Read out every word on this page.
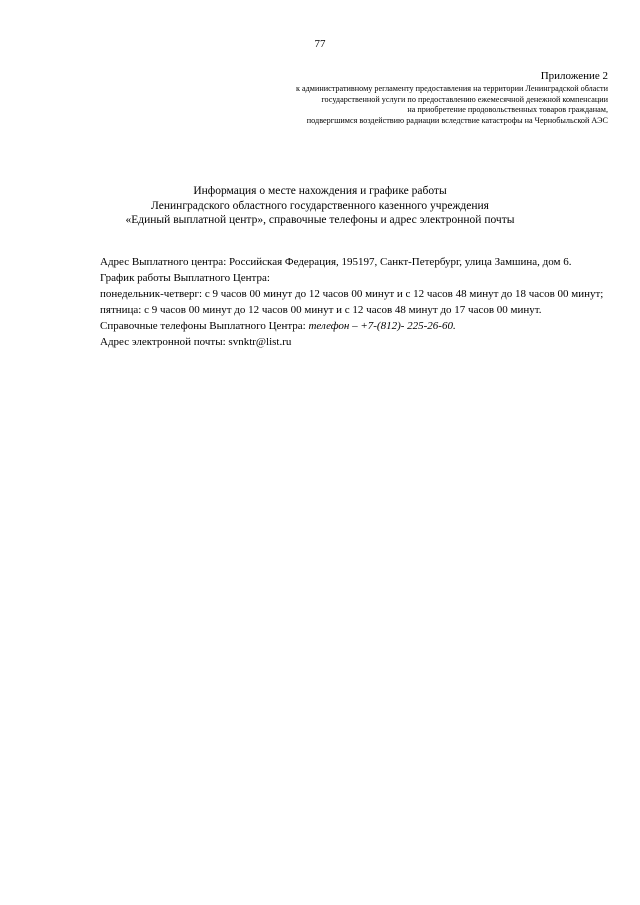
77
Приложение 2
к административному регламенту предоставления на территории Ленинградской области
государственной услуги по предоставлению ежемесячной денежной компенсации
на приобретение продовольственных товаров гражданам,
подвергшимся воздействию радиации вследствие катастрофы на Чернобыльской АЭС
Информация о месте нахождения и графике работы
Ленинградского областного государственного казенного учреждения
«Единый выплатной центр», справочные телефоны и адрес электронной почты

Адрес Выплатного центра: Российская Федерация, 195197, Санкт-Петербург, улица Замшина, дом 6.

График работы Выплатного Центра:

понедельник-четверг: с 9 часов 00 минут до 12 часов 00 минут и с 12 часов 48 минут до 18 часов 00 минут;

пятница: с 9 часов 00 минут до 12 часов 00 минут и с 12 часов 48 минут до 17 часов 00 минут.

Справочные телефоны Выплатного Центра: телефон – +7-(812)- 225-26-60.

Адрес электронной почты: svnktr@list.ru
